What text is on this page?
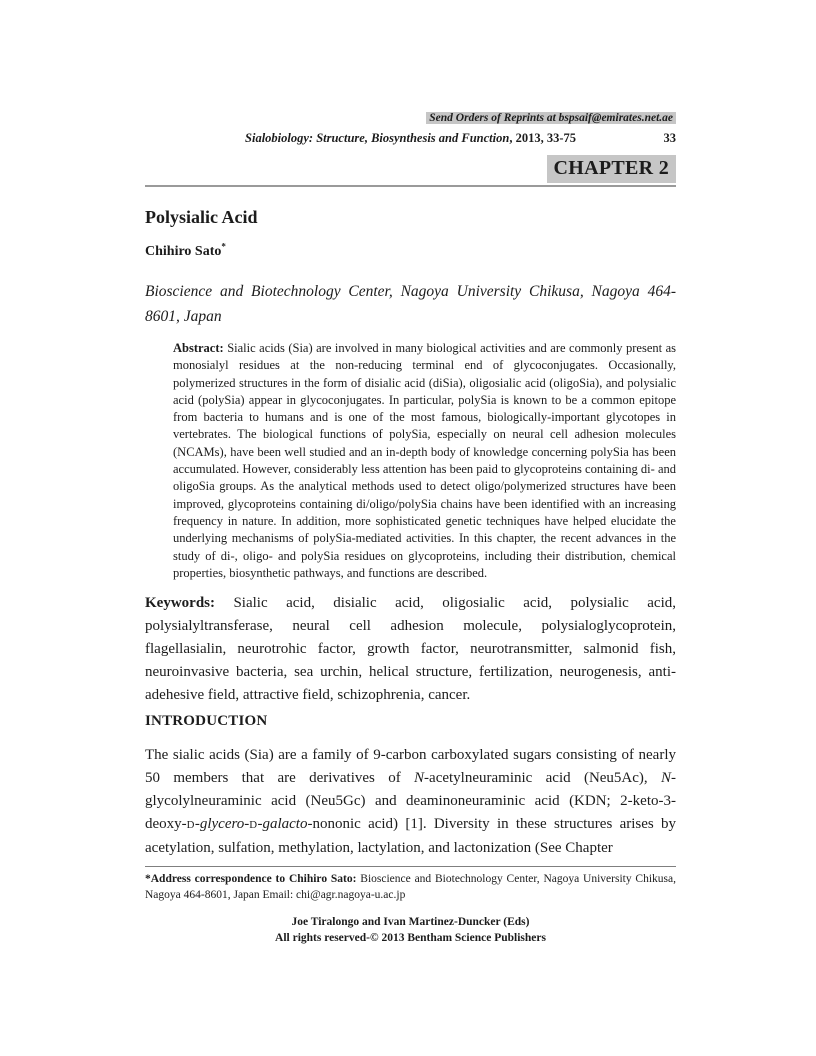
Send Orders of Reprints at bspsaif@emirates.net.ae
Sialobiology: Structure, Biosynthesis and Function, 2013, 33-75	33
CHAPTER 2
Polysialic Acid
Chihiro Sato*
Bioscience and Biotechnology Center, Nagoya University Chikusa, Nagoya 464-8601, Japan
Abstract: Sialic acids (Sia) are involved in many biological activities and are commonly present as monosialyl residues at the non-reducing terminal end of glycoconjugates. Occasionally, polymerized structures in the form of disialic acid (diSia), oligosialic acid (oligoSia), and polysialic acid (polySia) appear in glycoconjugates. In particular, polySia is known to be a common epitope from bacteria to humans and is one of the most famous, biologically-important glycotopes in vertebrates. The biological functions of polySia, especially on neural cell adhesion molecules (NCAMs), have been well studied and an in-depth body of knowledge concerning polySia has been accumulated. However, considerably less attention has been paid to glycoproteins containing di- and oligoSia groups. As the analytical methods used to detect oligo/polymerized structures have been improved, glycoproteins containing di/oligo/polySia chains have been identified with an increasing frequency in nature. In addition, more sophisticated genetic techniques have helped elucidate the underlying mechanisms of polySia-mediated activities. In this chapter, the recent advances in the study of di-, oligo- and polySia residues on glycoproteins, including their distribution, chemical properties, biosynthetic pathways, and functions are described.
Keywords: Sialic acid, disialic acid, oligosialic acid, polysialic acid, polysialyltransferase, neural cell adhesion molecule, polysialoglycoprotein, flagellasialin, neurotrohic factor, growth factor, neurotransmitter, salmonid fish, neuroinvasive bacteria, sea urchin, helical structure, fertilization, neurogenesis, anti-adehesive field, attractive field, schizophrenia, cancer.
INTRODUCTION
The sialic acids (Sia) are a family of 9-carbon carboxylated sugars consisting of nearly 50 members that are derivatives of N-acetylneuraminic acid (Neu5Ac), N-glycolylneuraminic acid (Neu5Gc) and deaminoneuraminic acid (KDN; 2-keto-3-deoxy-D-glycero-D-galacto-nononic acid) [1]. Diversity in these structures arises by acetylation, sulfation, methylation, lactylation, and lactonization (See Chapter
*Address correspondence to Chihiro Sato: Bioscience and Biotechnology Center, Nagoya University Chikusa, Nagoya 464-8601, Japan Email: chi@agr.nagoya-u.ac.jp
Joe Tiralongo and Ivan Martinez-Duncker (Eds)
All rights reserved-© 2013 Bentham Science Publishers
